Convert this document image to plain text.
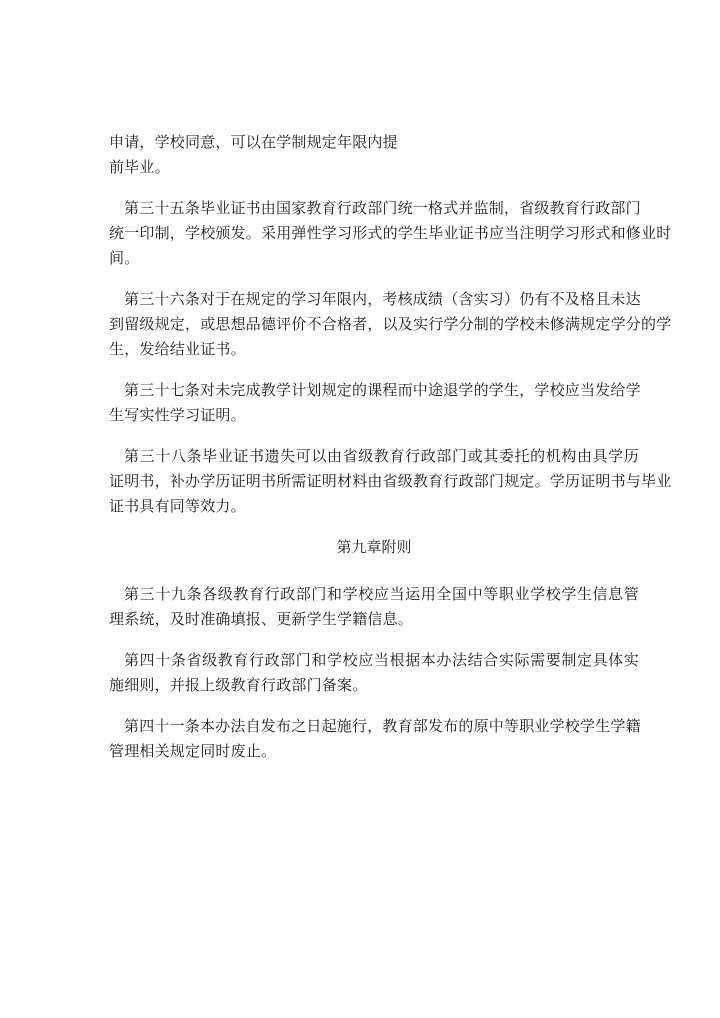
申请，学校同意，可以在学制规定年限内提
前毕业。
第三十五条毕业证书由国家教育行政部门统一格式并监制，省级教育行政部门
统一印制，学校颁发。采用弹性学习形式的学生毕业证书应当注明学习形式和修业时
间。
第三十六条对于在规定的学习年限内，考核成绩（含实习）仍有不及格且未达
到留级规定，或思想品德评价不合格者，以及实行学分制的学校未修满规定学分的学
生，发给结业证书。
第三十七条对未完成教学计划规定的课程而中途退学的学生，学校应当发给学
生写实性学习证明。
第三十八条毕业证书遗失可以由省级教育行政部门或其委托的机构由具学历
证明书，补办学历证明书所需证明材料由省级教育行政部门规定。学历证明书与毕业
证书具有同等效力。
第九章附则
第三十九条各级教育行政部门和学校应当运用全国中等职业学校学生信息管
理系统，及时准确填报、更新学生学籍信息。
第四十条省级教育行政部门和学校应当根据本办法结合实际需要制定具体实
施细则，并报上级教育行政部门备案。
第四十一条本办法自发布之日起施行，教育部发布的原中等职业学校学生学籍
管理相关规定同时废止。
